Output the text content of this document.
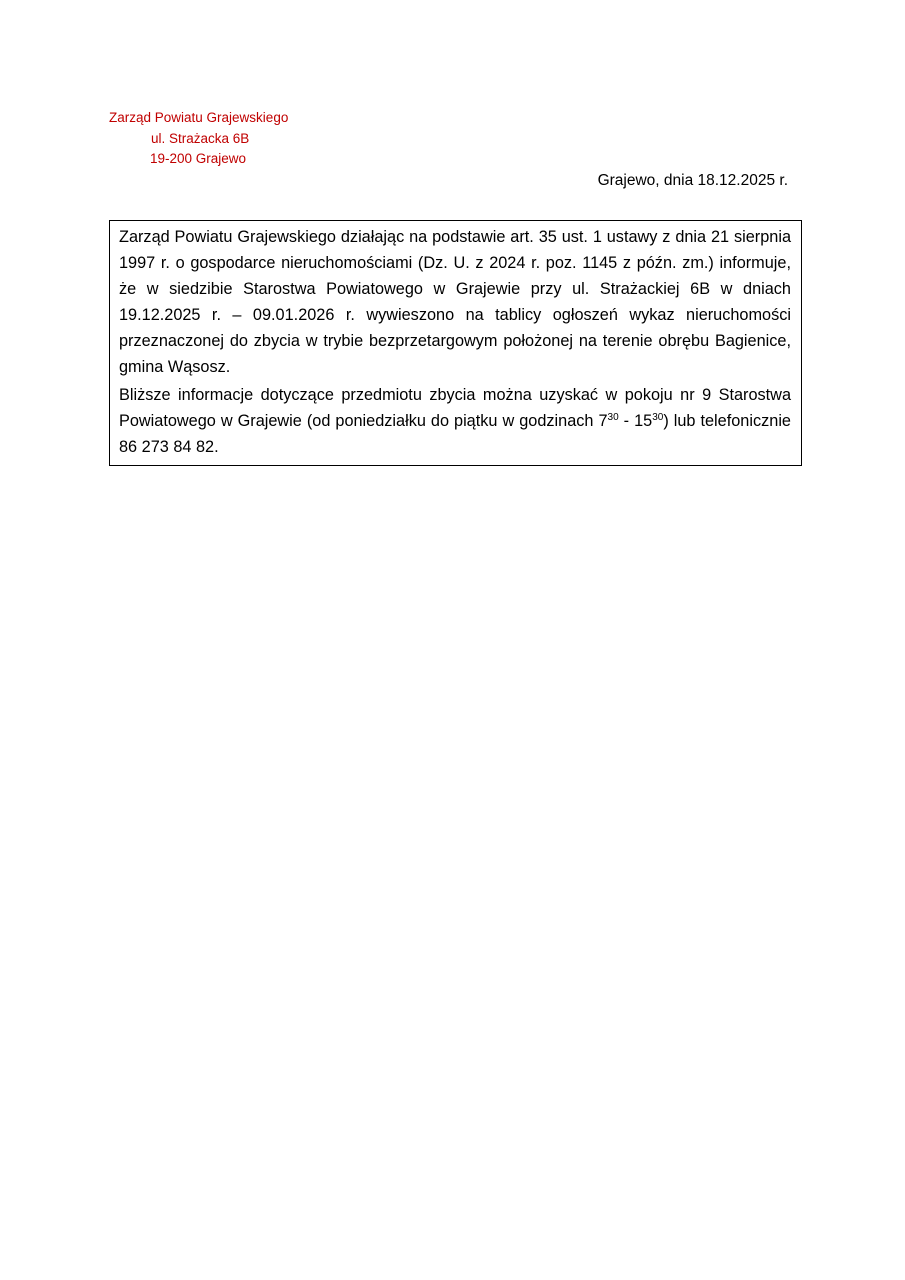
Zarząd Powiatu Grajewskiego
ul. Strażacka 6B
19-200 Grajewo
Grajewo, dnia 18.12.2025 r.

Zarząd Powiatu Grajewskiego działając na podstawie art. 35 ust. 1 ustawy z dnia 21 sierpnia 1997 r. o gospodarce nieruchomościami (Dz. U. z 2024 r. poz. 1145 z późn. zm.) informuje, że w siedzibie Starostwa Powiatowego w Grajewie przy ul. Strażackiej 6B w dniach 19.12.2025 r. – 09.01.2026 r. wywieszono na tablicy ogłoszeń wykaz nieruchomości przeznaczonej do zbycia w trybie bezprzetargowym położonej na terenie obrębu Bagienice, gmina Wąsosz.

Bliższe informacje dotyczące przedmiotu zbycia można uzyskać w pokoju nr 9 Starostwa Powiatowego w Grajewie (od poniedziałku do piątku w godzinach $7^{30} - 15^{30}$) lub telefonicznie 86 273 84 82.
